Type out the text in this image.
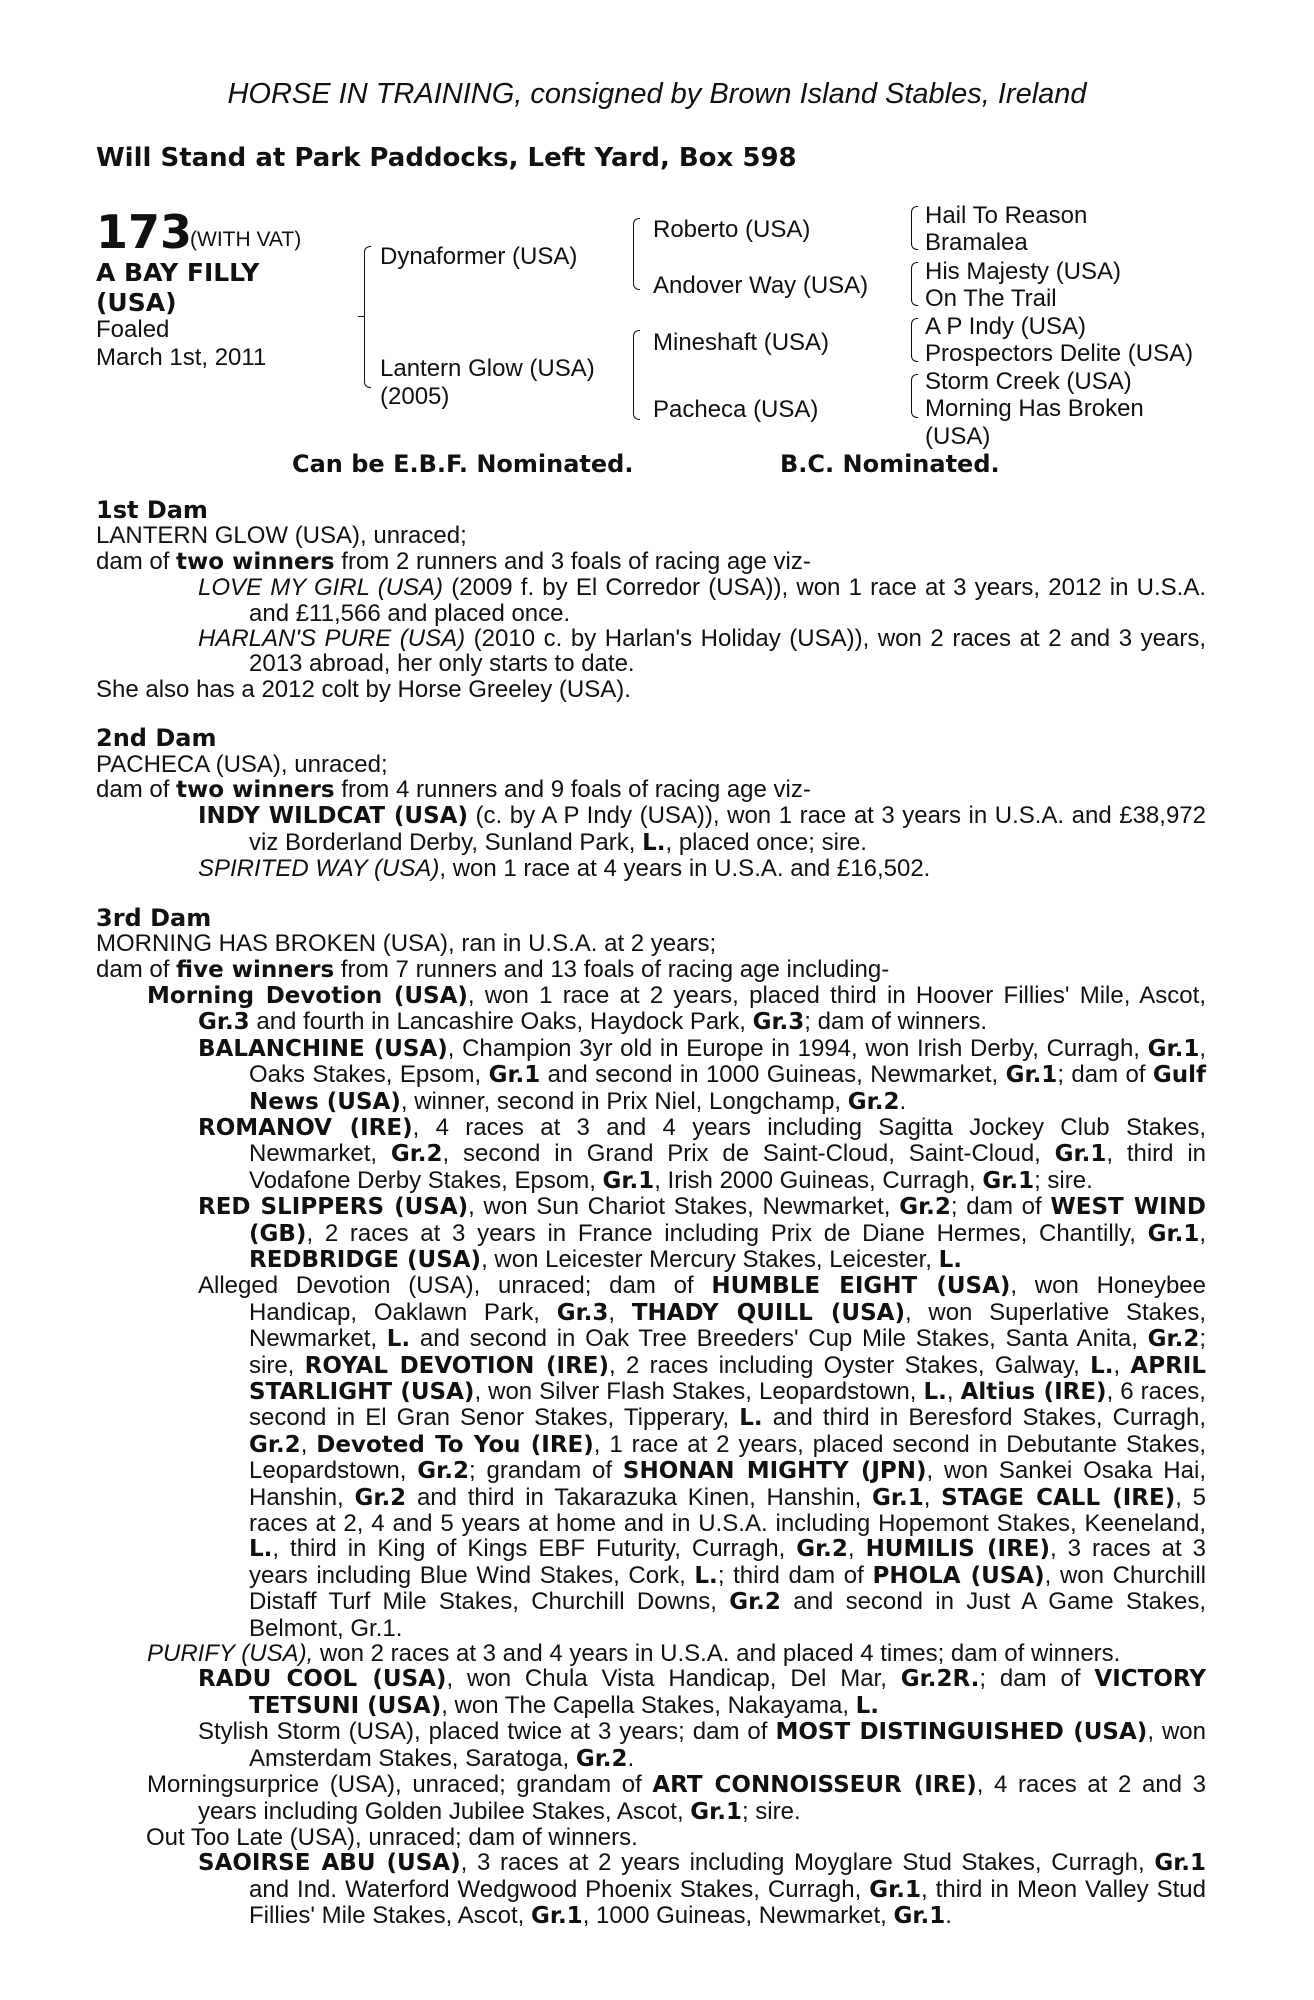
HORSE IN TRAINING, consigned by Brown Island Stables, Ireland
Will Stand at Park Paddocks, Left Yard, Box 598
173
(WITH VAT)
A BAY FILLY
(USA)
Foaled
March 1st, 2011
Dynaformer (USA)
Lantern Glow (USA)
(2005)
Roberto (USA)
Andover Way (USA)
Mineshaft (USA)
Pacheca (USA)
Hail To Reason
Bramalea
His Majesty (USA)
On The Trail
A P Indy (USA)
Prospectors Delite (USA)
Storm Creek (USA)
Morning Has Broken
(USA)
Can be E.B.F. Nominated.	B.C. Nominated.
1st Dam
LANTERN GLOW (USA), unraced;
dam of two winners from 2 runners and 3 foals of racing age viz-
LOVE MY GIRL (USA) (2009 f. by El Corredor (USA)), won 1 race at 3 years, 2012 in U.S.A. and £11,566 and placed once.
HARLAN'S PURE (USA) (2010 c. by Harlan's Holiday (USA)), won 2 races at 2 and 3 years, 2013 abroad, her only starts to date.
She also has a 2012 colt by Horse Greeley (USA).
2nd Dam
PACHECA (USA), unraced;
dam of two winners from 4 runners and 9 foals of racing age viz-
INDY WILDCAT (USA) (c. by A P Indy (USA)), won 1 race at 3 years in U.S.A. and £38,972 viz Borderland Derby, Sunland Park, L., placed once; sire.
SPIRITED WAY (USA), won 1 race at 4 years in U.S.A. and £16,502.
3rd Dam
MORNING HAS BROKEN (USA), ran in U.S.A. at 2 years;
dam of five winners from 7 runners and 13 foals of racing age including-
Morning Devotion (USA), won 1 race at 2 years, placed third in Hoover Fillies' Mile, Ascot, Gr.3 and fourth in Lancashire Oaks, Haydock Park, Gr.3; dam of winners.
BALANCHINE (USA), Champion 3yr old in Europe in 1994, won Irish Derby, Curragh, Gr.1, Oaks Stakes, Epsom, Gr.1 and second in 1000 Guineas, Newmarket, Gr.1; dam of Gulf News (USA), winner, second in Prix Niel, Longchamp, Gr.2.
ROMANOV (IRE), 4 races at 3 and 4 years including Sagitta Jockey Club Stakes, Newmarket, Gr.2, second in Grand Prix de Saint-Cloud, Saint-Cloud, Gr.1, third in Vodafone Derby Stakes, Epsom, Gr.1, Irish 2000 Guineas, Curragh, Gr.1; sire.
RED SLIPPERS (USA), won Sun Chariot Stakes, Newmarket, Gr.2; dam of WEST WIND (GB), 2 races at 3 years in France including Prix de Diane Hermes, Chantilly, Gr.1, REDBRIDGE (USA), won Leicester Mercury Stakes, Leicester, L.
Alleged Devotion (USA), unraced; dam of HUMBLE EIGHT (USA), won Honeybee Handicap, Oaklawn Park, Gr.3, THADY QUILL (USA), won Superlative Stakes, Newmarket, L. and second in Oak Tree Breeders' Cup Mile Stakes, Santa Anita, Gr.2; sire, ROYAL DEVOTION (IRE), 2 races including Oyster Stakes, Galway, L., APRIL STARLIGHT (USA), won Silver Flash Stakes, Leopardstown, L., Altius (IRE), 6 races, second in El Gran Senor Stakes, Tipperary, L. and third in Beresford Stakes, Curragh, Gr.2, Devoted To You (IRE), 1 race at 2 years, placed second in Debutante Stakes, Leopardstown, Gr.2; grandam of SHONAN MIGHTY (JPN), won Sankei Osaka Hai, Hanshin, Gr.2 and third in Takarazuka Kinen, Hanshin, Gr.1, STAGE CALL (IRE), 5 races at 2, 4 and 5 years at home and in U.S.A. including Hopemont Stakes, Keeneland, L., third in King of Kings EBF Futurity, Curragh, Gr.2, HUMILIS (IRE), 3 races at 3 years including Blue Wind Stakes, Cork, L.; third dam of PHOLA (USA), won Churchill Distaff Turf Mile Stakes, Churchill Downs, Gr.2 and second in Just A Game Stakes, Belmont, Gr.1.
PURIFY (USA), won 2 races at 3 and 4 years in U.S.A. and placed 4 times; dam of winners.
RADU COOL (USA), won Chula Vista Handicap, Del Mar, Gr.2R.; dam of VICTORY TETSUNI (USA), won The Capella Stakes, Nakayama, L.
Stylish Storm (USA), placed twice at 3 years; dam of MOST DISTINGUISHED (USA), won Amsterdam Stakes, Saratoga, Gr.2.
Morningsurprice (USA), unraced; grandam of ART CONNOISSEUR (IRE), 4 races at 2 and 3 years including Golden Jubilee Stakes, Ascot, Gr.1; sire.
Out Too Late (USA), unraced; dam of winners.
SAOIRSE ABU (USA), 3 races at 2 years including Moyglare Stud Stakes, Curragh, Gr.1 and Ind. Waterford Wedgwood Phoenix Stakes, Curragh, Gr.1, third in Meon Valley Stud Fillies' Mile Stakes, Ascot, Gr.1, 1000 Guineas, Newmarket, Gr.1.
